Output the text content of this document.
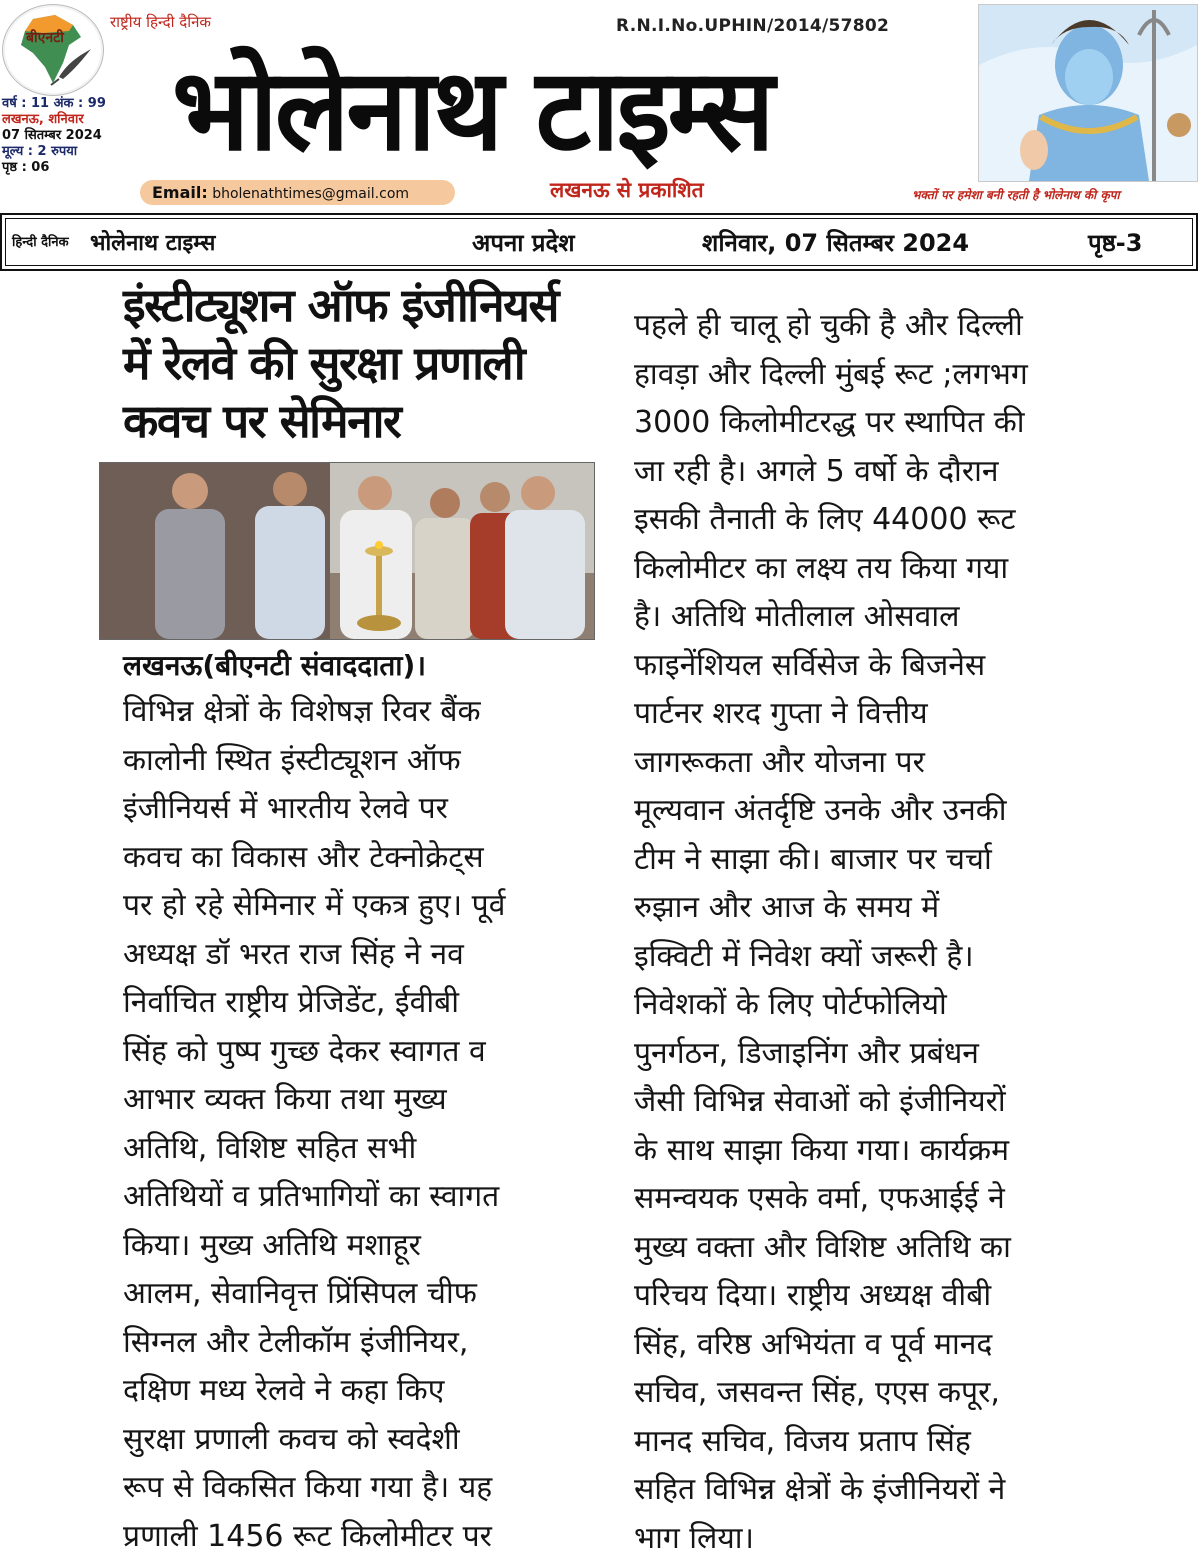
बीएनटी
राष्ट्रीय हिन्दी दैनिक
वर्ष : 11 अंक : 99
लखनऊ, शनिवार
07 सितम्बर 2024
मूल्य : 2 रुपया
पृष्ठ : 06
R.N.I.No.UPHIN/2014/57802
भोलेनाथ टाइम्स
Email: bholenathtimes@gmail.com	लखनऊ से प्रकाशित	भक्तों पर हमेशा बनी रहती है भोलेनाथ की कृपा
हिन्दी दैनिक भोलेनाथ टाइम्स	अपना प्रदेश	शनिवार, 07 सितम्बर 2024	पृष्ठ-3
इंस्टीट्यूशन ऑफ इंजीनियर्स
में रेलवे की सुरक्षा प्रणाली
कवच पर सेमिनार
लखनऊ(बीएनटी संवाददाता)।
विभिन्न क्षेत्रों के विशेषज्ञ रिवर बैंक
कालोनी स्थित इंस्टीट्यूशन ऑफ
इंजीनियर्स में भारतीय रेलवे पर
कवच का विकास और टेक्नोक्रेट्स
पर हो रहे सेमिनार में एकत्र हुए। पूर्व
अध्यक्ष डॉ भरत राज सिंह ने नव
निर्वाचित राष्ट्रीय प्रेजिडेंट, ईवीबी
सिंह को पुष्प गुच्छ देकर स्वागत व
आभार व्यक्त किया तथा मुख्य
अतिथि, विशिष्ट सहित सभी
अतिथियों व प्रतिभागियों का स्वागत
किया। मुख्य अतिथि मशाहूर
आलम, सेवानिवृत्त प्रिंसिपल चीफ
सिग्नल और टेलीकॉम इंजीनियर,
दक्षिण मध्य रेलवे ने कहा किए
सुरक्षा प्रणाली कवच को स्वदेशी
रूप से विकसित किया गया है। यह
प्रणाली 1456 रूट किलोमीटर पर
पहले ही चालू हो चुकी है और दिल्ली
हावड़ा और दिल्ली मुंबई रूट ;लगभग
3000 किलोमीटरद्ध पर स्थापित की
जा रही है। अगले 5 वर्षो के दौरान
इसकी तैनाती के लिए 44000 रूट
किलोमीटर का लक्ष्य तय किया गया
है। अतिथि मोतीलाल ओसवाल
फाइनेंशियल सर्विसेज के बिजनेस
पार्टनर शरद गुप्ता ने वित्तीय
जागरूकता और योजना पर
मूल्यवान अंतर्दृष्टि उनके और उनकी
टीम ने साझा की। बाजार पर चर्चा
रुझान और आज के समय में
इक्विटी में निवेश क्यों जरूरी है।
निवेशकों के लिए पोर्टफोलियो
पुनर्गठन, डिजाइनिंग और प्रबंधन
जैसी विभिन्न सेवाओं को इंजीनियरों
के साथ साझा किया गया। कार्यक्रम
समन्वयक एसके वर्मा, एफआईई ने
मुख्य वक्ता और विशिष्ट अतिथि का
परिचय दिया। राष्ट्रीय अध्यक्ष वीबी
सिंह, वरिष्ठ अभियंता व पूर्व मानद
सचिव, जसवन्त सिंह, एएस कपूर,
मानद सचिव, विजय प्रताप सिंह
सहित विभिन्न क्षेत्रों के इंजीनियरों ने
भाग लिया।
